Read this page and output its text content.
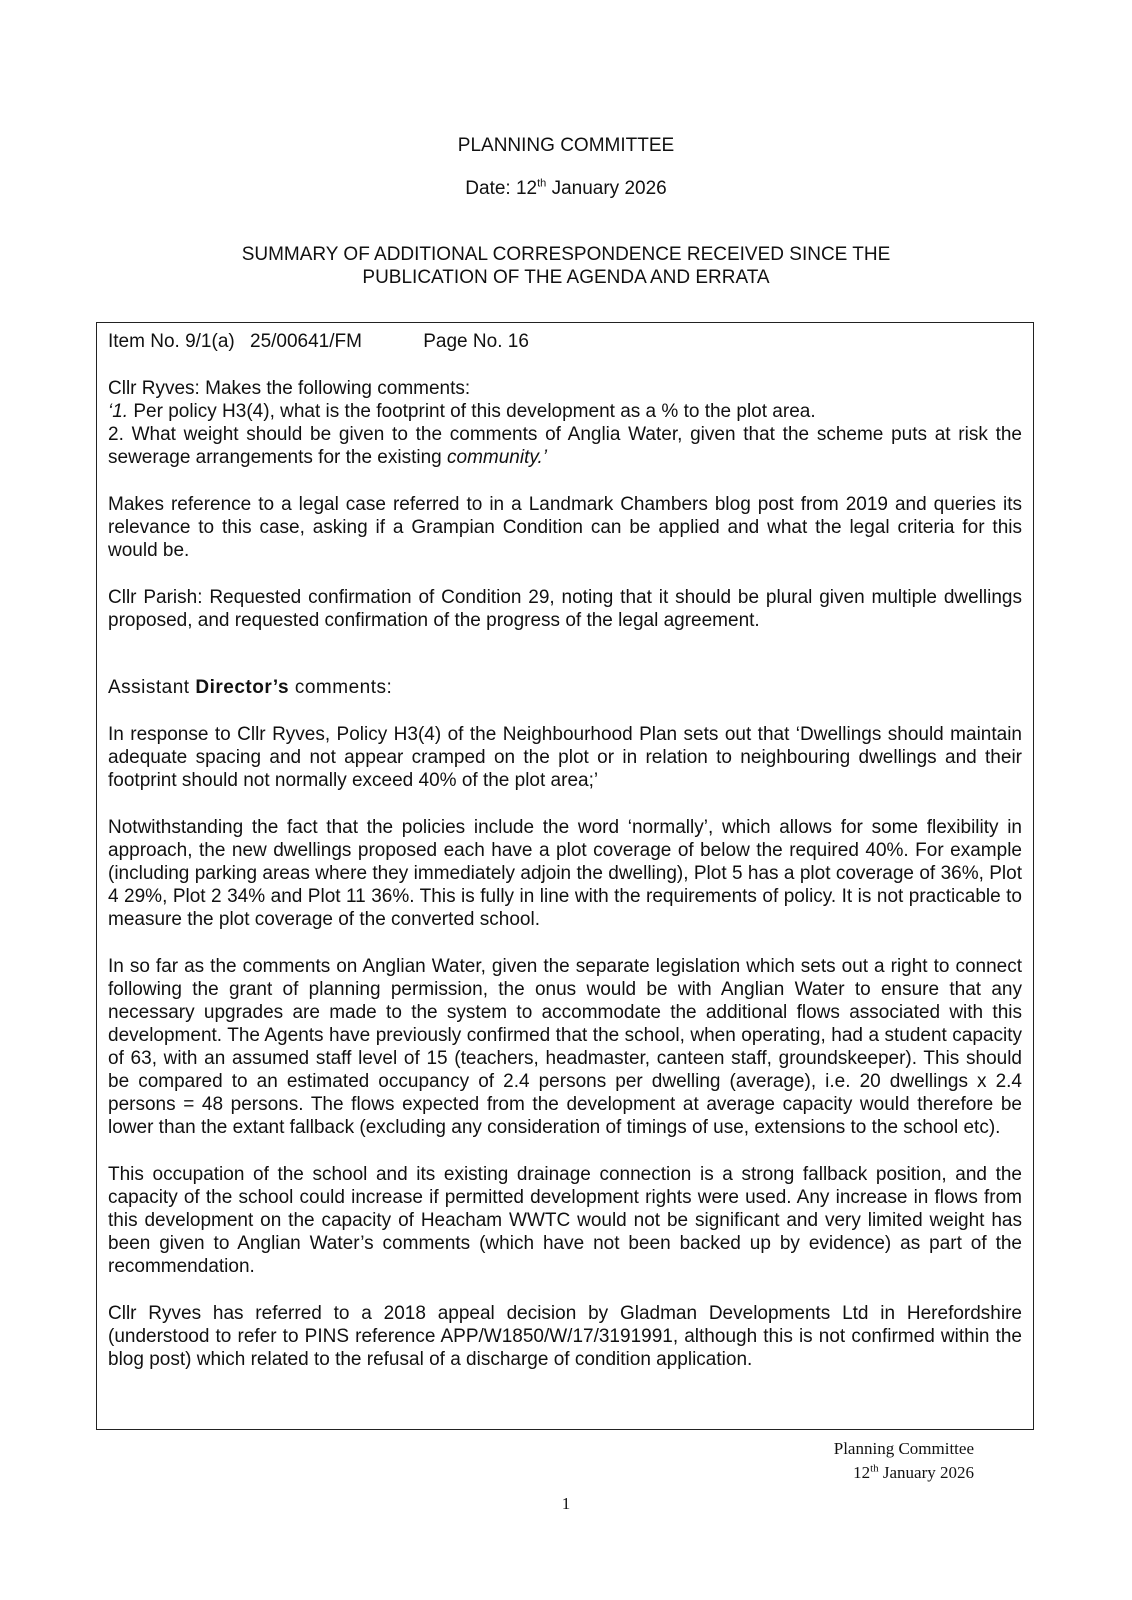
PLANNING COMMITTEE
Date: 12th January 2026
SUMMARY OF ADDITIONAL CORRESPONDENCE RECEIVED SINCE THE
PUBLICATION OF THE AGENDA AND ERRATA
Item No. 9/1(a) 25/00641/FM	Page No. 16

Cllr Ryves: Makes the following comments:

‘1. Per policy H3(4), what is the footprint of this development as a % to the plot area.

2. What weight should be given to the comments of Anglia Water, given that the scheme puts at risk the sewerage arrangements for the existing community.’

Makes reference to a legal case referred to in a Landmark Chambers blog post from 2019 and queries its relevance to this case, asking if a Grampian Condition can be applied and what the legal criteria for this would be.

Cllr Parish: Requested confirmation of Condition 29, noting that it should be plural given multiple dwellings proposed, and requested confirmation of the progress of the legal agreement.

Assistant Director’s comments:

In response to Cllr Ryves, Policy H3(4) of the Neighbourhood Plan sets out that ‘Dwellings should maintain adequate spacing and not appear cramped on the plot or in relation to neighbouring dwellings and their footprint should not normally exceed 40% of the plot area;’

Notwithstanding the fact that the policies include the word ‘normally’, which allows for some flexibility in approach, the new dwellings proposed each have a plot coverage of below the required 40%. For example (including parking areas where they immediately adjoin the dwelling), Plot 5 has a plot coverage of 36%, Plot 4 29%, Plot 2 34% and Plot 11 36%. This is fully in line with the requirements of policy. It is not practicable to measure the plot coverage of the converted school.

In so far as the comments on Anglian Water, given the separate legislation which sets out a right to connect following the grant of planning permission, the onus would be with Anglian Water to ensure that any necessary upgrades are made to the system to accommodate the additional flows associated with this development. The Agents have previously confirmed that the school, when operating, had a student capacity of 63, with an assumed staff level of 15 (teachers, headmaster, canteen staff, groundskeeper). This should be compared to an estimated occupancy of 2.4 persons per dwelling (average), i.e. 20 dwellings x 2.4 persons = 48 persons. The flows expected from the development at average capacity would therefore be lower than the extant fallback (excluding any consideration of timings of use, extensions to the school etc).

This occupation of the school and its existing drainage connection is a strong fallback position, and the capacity of the school could increase if permitted development rights were used. Any increase in flows from this development on the capacity of Heacham WWTC would not be significant and very limited weight has been given to Anglian Water’s comments (which have not been backed up by evidence) as part of the recommendation.

Cllr Ryves has referred to a 2018 appeal decision by Gladman Developments Ltd in Herefordshire (understood to refer to PINS reference APP/W1850/W/17/3191991, although this is not confirmed within the blog post) which related to the refusal of a discharge of condition application.

Planning Committee
12th January 2026
1
